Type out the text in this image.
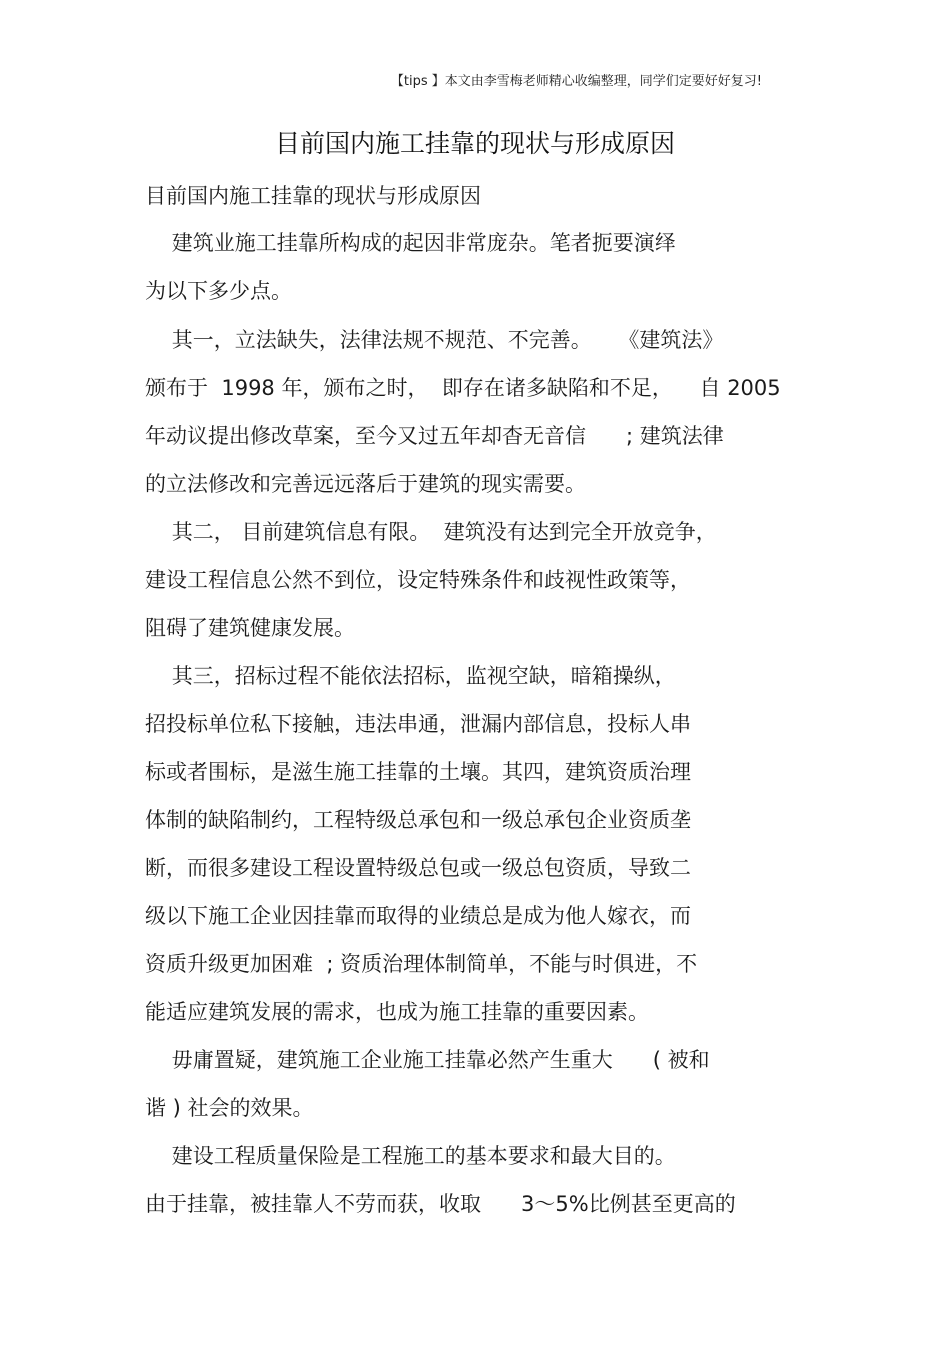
【tips 】本文由李雪梅老师精心收编整理，同学们定要好好复习!
目前国内施工挂靠的现状与形成原因
目前国内施工挂靠的现状与形成原因
建筑业施工挂靠所构成的起因非常庞杂。笔者扼要演绎
为以下多少点。
其一，立法缺失，法律法规不规范、不完善。    《建筑法》
颁布于  1998 年，颁布之时，  即存在诸多缺陷和不足，    自 2005
年动议提出修改草案，至今又过五年却杳无音信      ; 建筑法律
的立法修改和完善远远落后于建筑的现实需要。
其二， 目前建筑信息有限。  建筑没有达到完全开放竞争，
建设工程信息公然不到位，设定特殊条件和歧视性政策等，
阻碍了建筑健康发展。
其三，招标过程不能依法招标，监视空缺，暗箱操纵，
招投标单位私下接触，违法串通，泄漏内部信息，投标人串
标或者围标，是滋生施工挂靠的土壤。其四，建筑资质治理
体制的缺陷制约，工程特级总承包和一级总承包企业资质垄
断，而很多建设工程设置特级总包或一级总包资质，导致二
级以下施工企业因挂靠而取得的业绩总是成为他人嫁衣，而
资质升级更加困难  ; 资质治理体制简单，不能与时俱进，不
能适应建筑发展的需求，也成为施工挂靠的重要因素。
毋庸置疑，建筑施工企业施工挂靠必然产生重大      ( 被和
谐 ) 社会的效果。
建设工程质量保险是工程施工的基本要求和最大目的。
由于挂靠，被挂靠人不劳而获，收取      3～5%比例甚至更高的
